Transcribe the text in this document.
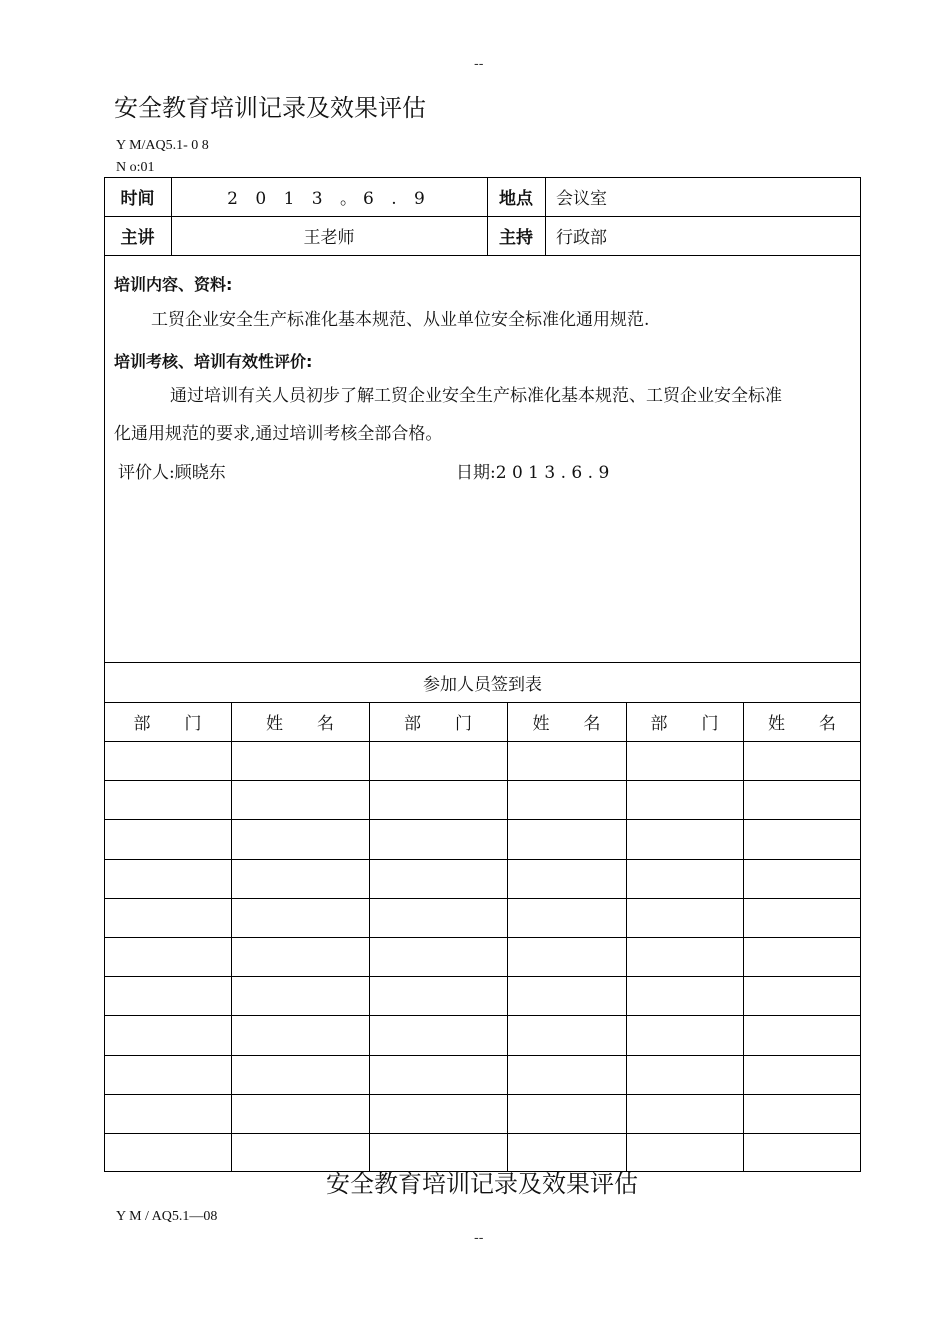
--
安全教育培训记录及效果评估
Y M/AQ5.1- 0 8
N o:01
时间	2 0 1 3 。6 . 9	地点	会议室
主讲	王老师	主持	行政部
培训内容、资料:
工贸企业安全生产标准化基本规范、从业单位安全标准化通用规范.
培训考核、培训有效性评价:
通过培训有关人员初步了解工贸企业安全生产标准化基本规范、工贸企业安全标准
化通用规范的要求,通过培训考核全部合格。
评价人:顾晓东	日期:2 0 1 3 . 6 . 9
参加人员签到表
部　　门	姓　　名	部　　门	姓　　名	部　　门	姓　　名
安全教育培训记录及效果评估
Y M / AQ5.1—08
--
